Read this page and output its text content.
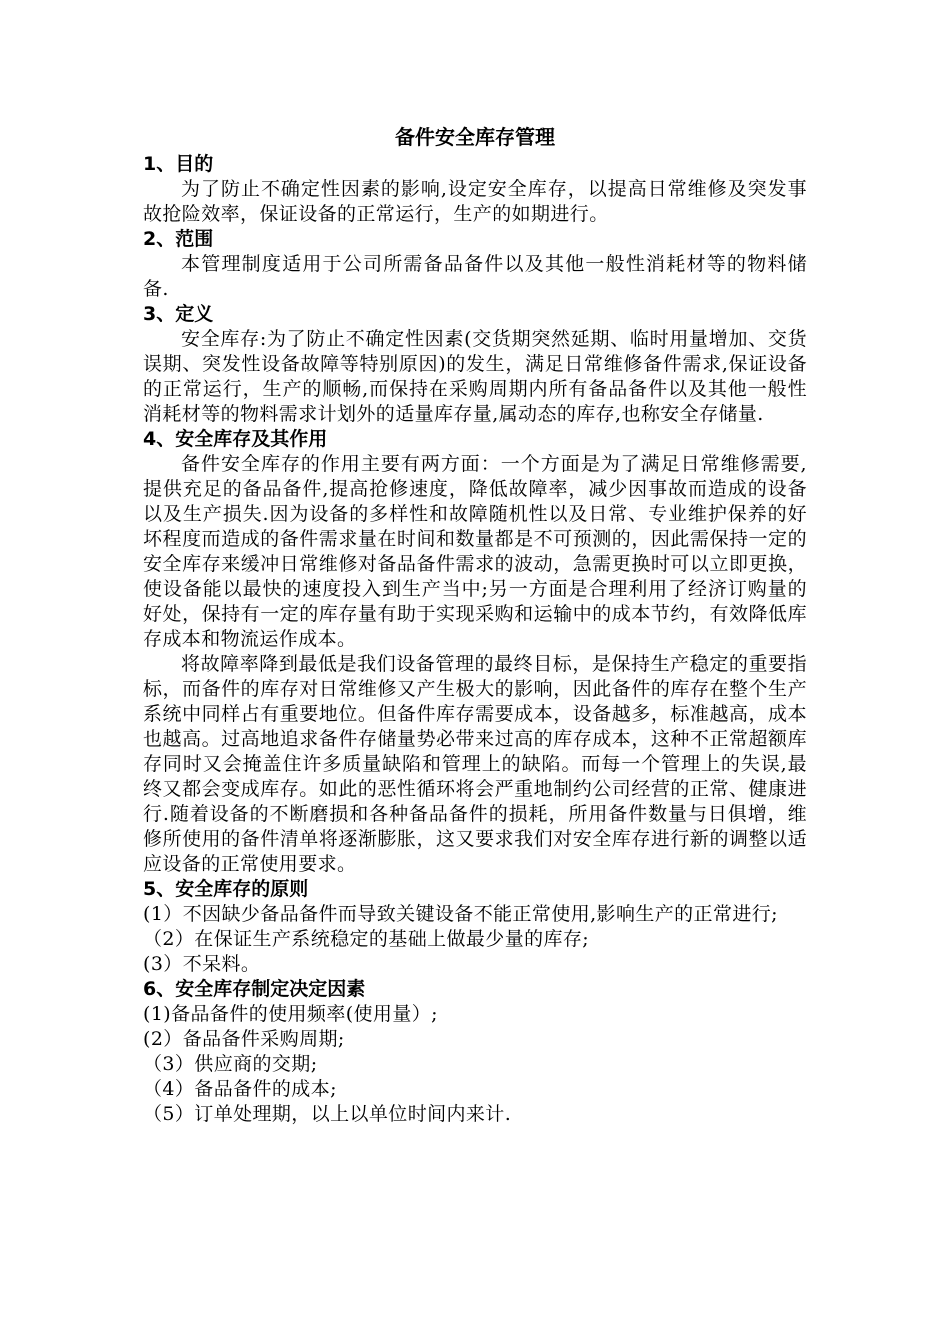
备件安全库存管理
1、目的

为了防止不确定性因素的影响,设定安全库存，以提高日常维修及突发事故抢险效率，保证设备的正常运行，生产的如期进行。

2、范围

本管理制度适用于公司所需备品备件以及其他一般性消耗材等的物料储备.

3、定义

安全库存:为了防止不确定性因素(交货期突然延期、临时用量增加、交货误期、突发性设备故障等特别原因)的发生，满足日常维修备件需求,保证设备的正常运行，生产的顺畅,而保持在采购周期内所有备品备件以及其他一般性消耗材等的物料需求计划外的适量库存量,属动态的库存,也称安全存储量.

4、安全库存及其作用

备件安全库存的作用主要有两方面：一个方面是为了满足日常维修需要,提供充足的备品备件,提高抢修速度，降低故障率，减少因事故而造成的设备以及生产损失.因为设备的多样性和故障随机性以及日常、专业维护保养的好坏程度而造成的备件需求量在时间和数量都是不可预测的，因此需保持一定的安全库存来缓冲日常维修对备品备件需求的波动，急需更换时可以立即更换，使设备能以最快的速度投入到生产当中;另一方面是合理利用了经济订购量的好处，保持有一定的库存量有助于实现采购和运输中的成本节约，有效降低库存成本和物流运作成本。

将故障率降到最低是我们设备管理的最终目标，是保持生产稳定的重要指标，而备件的库存对日常维修又产生极大的影响，因此备件的库存在整个生产系统中同样占有重要地位。但备件库存需要成本，设备越多，标准越高，成本也越高。过高地追求备件存储量势必带来过高的库存成本，这种不正常超额库存同时又会掩盖住许多质量缺陷和管理上的缺陷。而每一个管理上的失误,最终又都会变成库存。如此的恶性循环将会严重地制约公司经营的正常、健康进行.随着设备的不断磨损和各种备品备件的损耗，所用备件数量与日俱增，维修所使用的备件清单将逐渐膨胀，这又要求我们对安全库存进行新的调整以适应设备的正常使用要求。

5、安全库存的原则

(1）不因缺少备品备件而导致关键设备不能正常使用,影响生产的正常进行;

（2）在保证生产系统稳定的基础上做最少量的库存;

(3）不呆料。

6、安全库存制定决定因素

(1)备品备件的使用频率(使用量）;

(2）备品备件采购周期;

（3）供应商的交期;

（4）备品备件的成本;

（5）订单处理期，以上以单位时间内来计.
